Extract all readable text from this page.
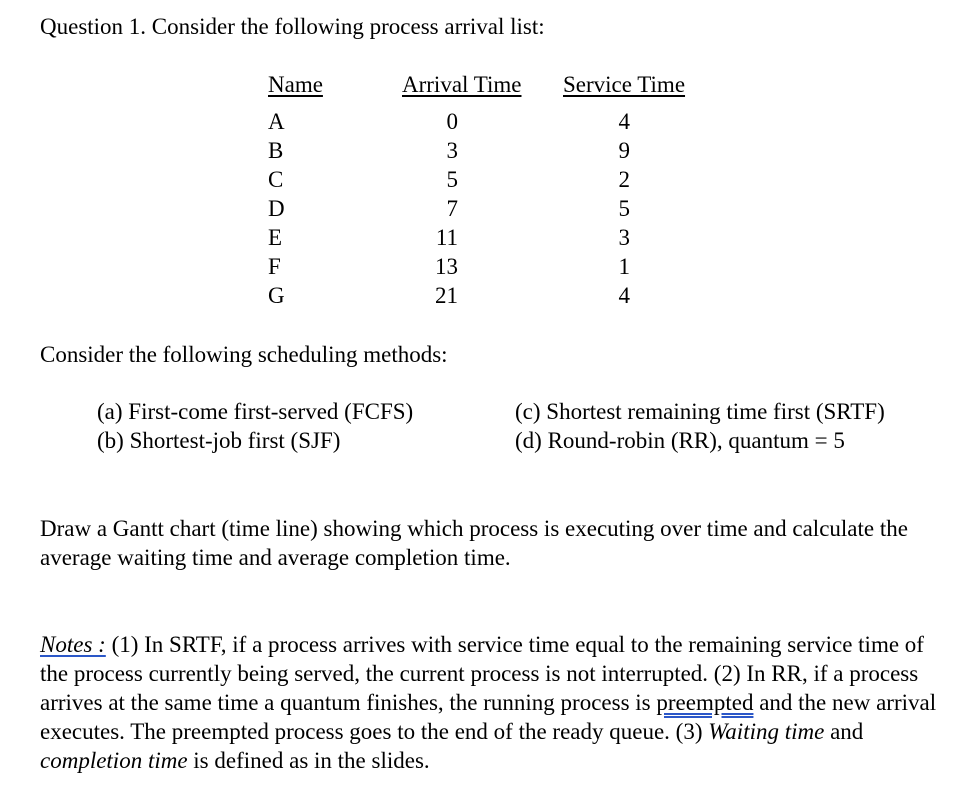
Question 1. Consider the following process arrival list:
Name	Arrival Time Service Time
A
B
C
D
E
F
G
0
3
5
7
11
13
21
4
9
2
5
3
1
4
Consider the following scheduling methods:
(a) First-come first-served (FCFS)
(b) Shortest-job first (SJF)
(c) Shortest remaining time first (SRTF)
(d) Round-robin (RR), quantum = 5
Draw a Gantt chart (time line) showing which process is executing over time and calculate the average waiting time and average completion time.
Notes : (1) In SRTF, if a process arrives with service time equal to the remaining service time of the process currently being served, the current process is not interrupted. (2) In RR, if a process arrives at the same time a quantum finishes, the running process is preempted and the new arrival executes. The preempted process goes to the end of the ready queue. (3) Waiting time and completion time is defined as in the slides.
